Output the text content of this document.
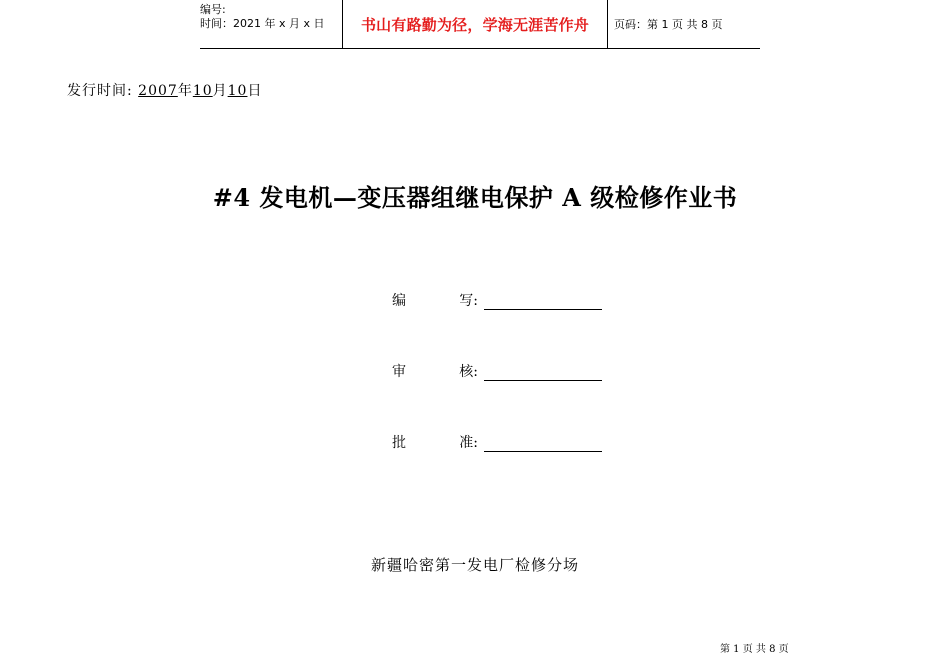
编号:
时间：2021 年 x 月 x 日	书山有路勤为径，学海无涯苦作舟	页码：第 1 页 共 8 页
发行时间: 2007年10月10日
#4 发电机—变压器组继电保护 A 级检修作业书
编	写:
审	核:
批	准:
新疆哈密第一发电厂检修分场
第 1 页 共 8 页
